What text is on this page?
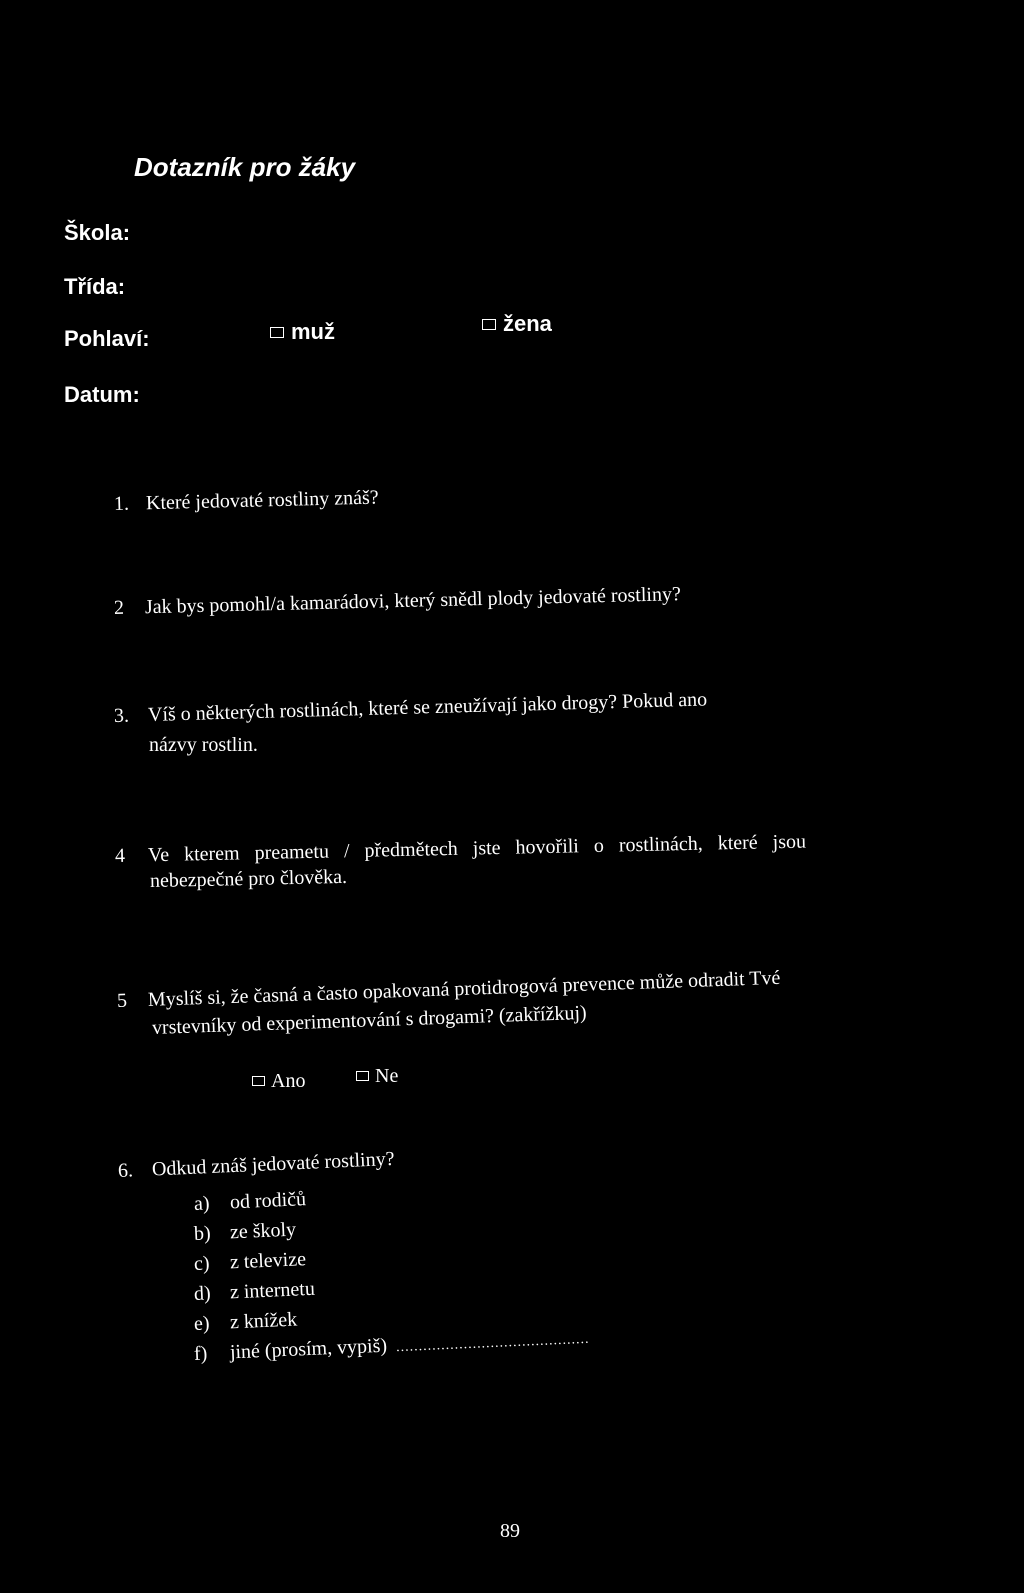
Dotazník pro žáky
Škola:
Třída:
Pohlaví:	muž	žena
Datum:
1. Které jedovaté rostliny znáš?
2 Jak bys pomohl/a kamarádovi, který snědl plody jedovaté rostliny?
3. Víš o některých rostlinách, které se zneužívají jako drogy? Pokud ano
názvy rostlin.
4 Ve kterem preametu / předmětech jste hovořili o rostlinách, které jsou
nebezpečné pro člověka.
5 Myslíš si, že časná a často opakovaná protidrogová prevence může odradit Tvé
vrstevníky od experimentování s drogami? (zakřížkuj)
Ano	Ne
6. Odkud znáš jedovaté rostliny?
a) od rodičů
b) ze školy
c) z televize
d) z internetu
e) z knížek
f) jiné (prosím, vypiš) ...........................................
89
